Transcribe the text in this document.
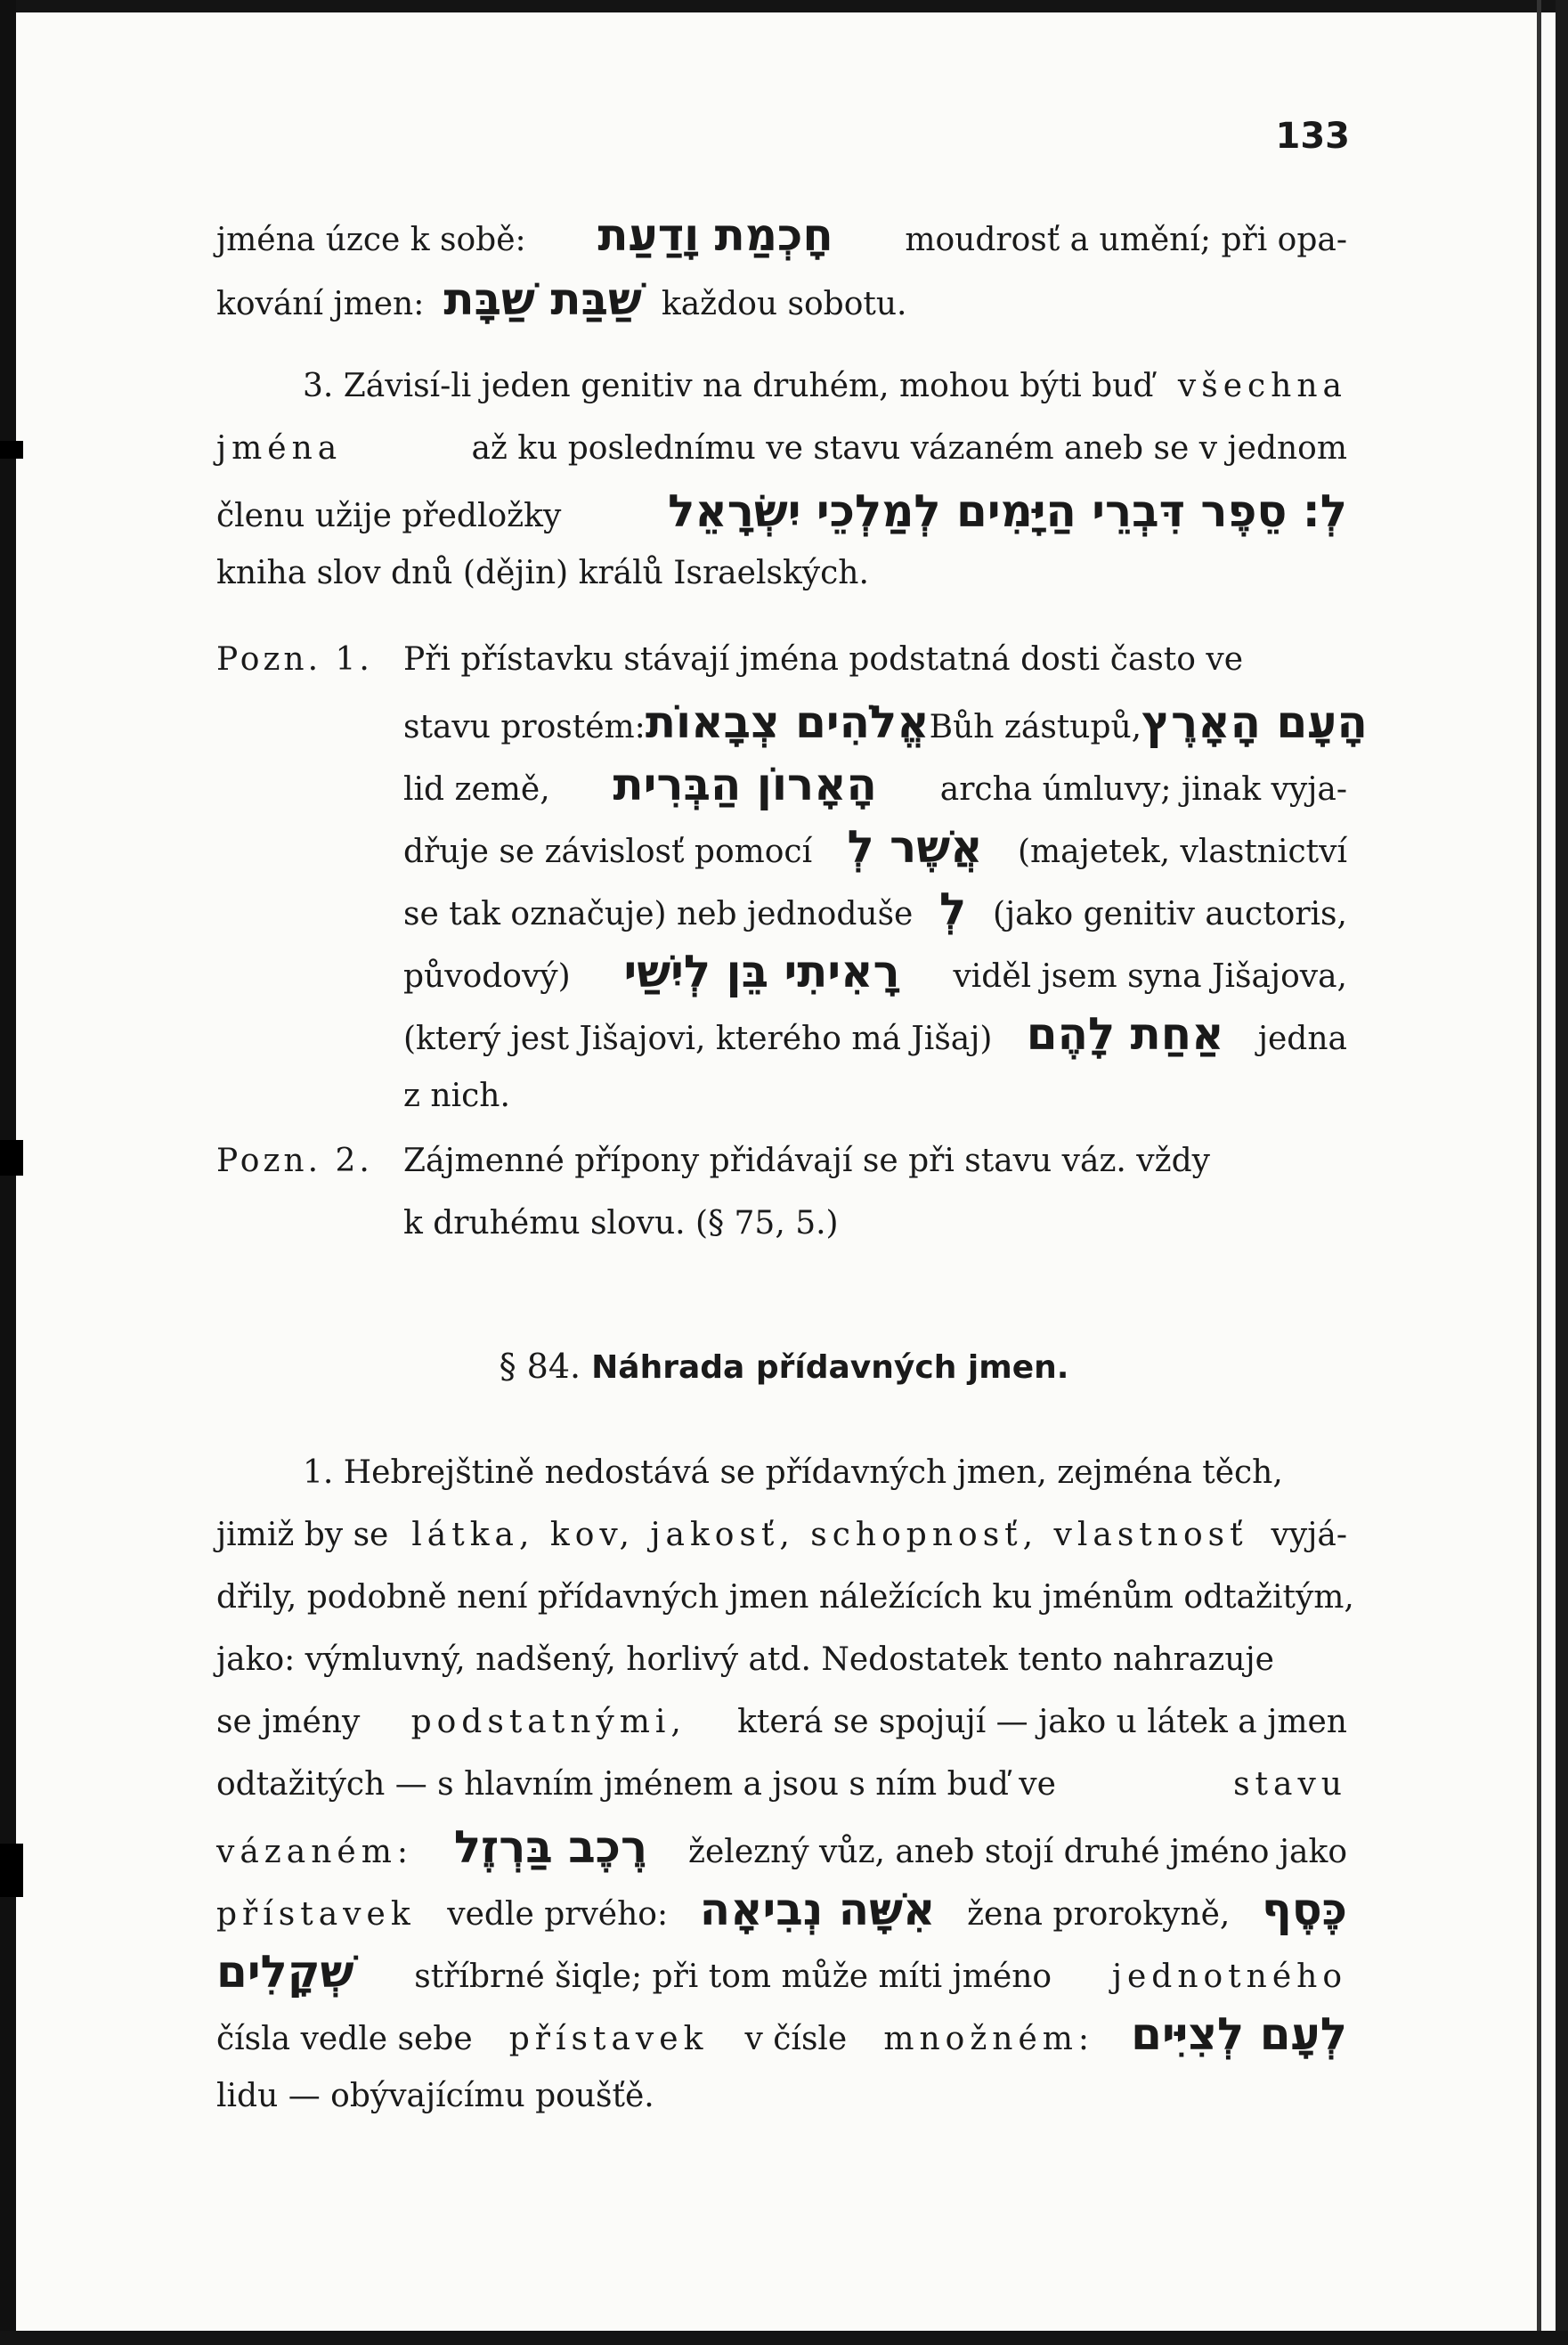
133
jména úzce k sobě: חָכְמַת וָדַעַת moudrosť a umění; při opa-
kování jmen: שַׁבַּת שַׁבָּת každou sobotu.
3. Závisí-li jeden genitiv na druhém, mohou býti buď všechna
jména	až ku poslednímu ve stavu vázaném aneb se v jednom
členu užije předložky לְ: סֵפֶר דִּבְרֵי הַיָּמִים לְמַלְכֵי יִשְׂרָאֵל
kniha slov dnů (dějin) králů Israelských.
Pozn. 1. Při přístavku stávají jména podstatná dosti často ve
stavu prostém: אֱלֹהִים צְבָאוֹת Bůh zástupů, הָעָם הָאָרֶץ
lid země, הָאָרוֹן הַבְּרִית archa úmluvy; jinak vyja-
dřuje se závislosť pomocí אֲשֶׁר לְ (majetek, vlastnictví
se tak označuje) neb jednoduše לְ (jako genitiv auctoris,
původový) רָאִיתִי בֵּן לְיִשַׁי viděl jsem syna Jišajova,
(který jest Jišajovi, kterého má Jišaj) אַחַת לָהֶם jedna
z nich.
Pozn. 2. Zájmenné přípony přidávají se při stavu váz. vždy
k druhému slovu. (§ 75, 5.)
§ 84. Náhrada přídavných jmen.
1. Hebrejštině nedostává se přídavných jmen, zejména těch,
jimiž by se látka, kov, jakosť, schopnosť, vlastnosť vyjá-
dřily, podobně není přídavných jmen náležících ku jménům odtažitým,
jako: výmluvný, nadšený, horlivý atd. Nedostatek tento nahrazuje
se jmény podstatnými, která se spojují — jako u látek a jmen
odtažitých — s hlavním jménem a jsou s ním buď ve	stavu
vázaném: רֶכֶב בַּרְזֶל železný vůz, aneb stojí druhé jméno jako
přístavek vedle prvého: אִשָּׁה נְבִיאָה žena prorokyně, כֶּסֶף
שְׁקָלִים stříbrné šiqle; při tom může míti jméno jednotného
čísla vedle sebe přístavek v čísle množném: לְעָם לְצִיִּים
lidu — obývajícímu poušťě.
